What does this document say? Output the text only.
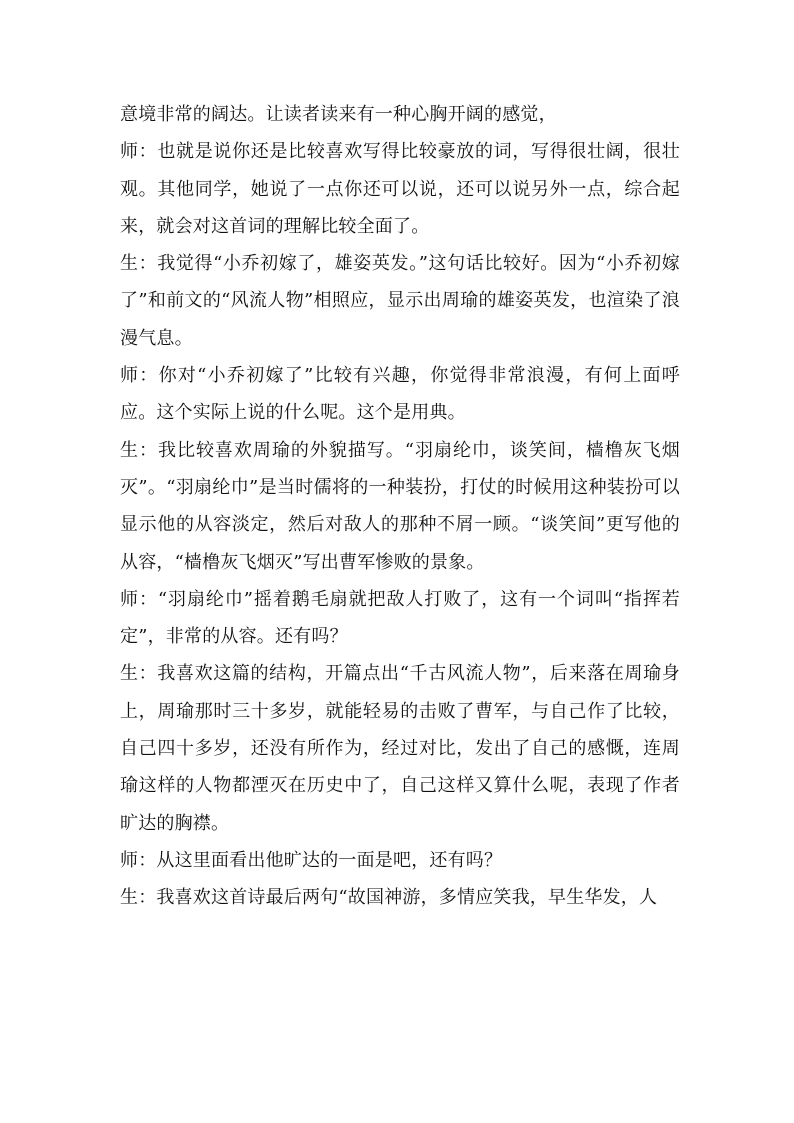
意境非常的阔达。让读者读来有一种心胸开阔的感觉，

师：也就是说你还是比较喜欢写得比较豪放的词，写得很壮阔，很壮观。其他同学，她说了一点你还可以说，还可以说另外一点，综合起来，就会对这首词的理解比较全面了。

生：我觉得“小乔初嫁了，雄姿英发。”这句话比较好。因为“小乔初嫁了”和前文的“风流人物”相照应，显示出周瑜的雄姿英发，也渲染了浪漫气息。

师：你对“小乔初嫁了”比较有兴趣，你觉得非常浪漫，有何上面呼应。这个实际上说的什么呢。这个是用典。

生：我比较喜欢周瑜的外貌描写。“羽扇纶巾，谈笑间，樯橹灰飞烟灭”。“羽扇纶巾”是当时儒将的一种装扮，打仗的时候用这种装扮可以显示他的从容淡定，然后对敌人的那种不屑一顾。“谈笑间”更写他的从容，“樯橹灰飞烟灭”写出曹军惨败的景象。

师：“羽扇纶巾”摇着鹅毛扇就把敌人打败了，这有一个词叫“指挥若定”，非常的从容。还有吗？

生：我喜欢这篇的结构，开篇点出“千古风流人物”，后来落在周瑜身上，周瑜那时三十多岁，就能轻易的击败了曹军，与自己作了比较，自己四十多岁，还没有所作为，经过对比，发出了自己的感慨，连周瑜这样的人物都湮灭在历史中了，自己这样又算什么呢，表现了作者旷达的胸襟。

师：从这里面看出他旷达的一面是吧，还有吗？

生：我喜欢这首诗最后两句“故国神游，多情应笑我，早生华发，人
